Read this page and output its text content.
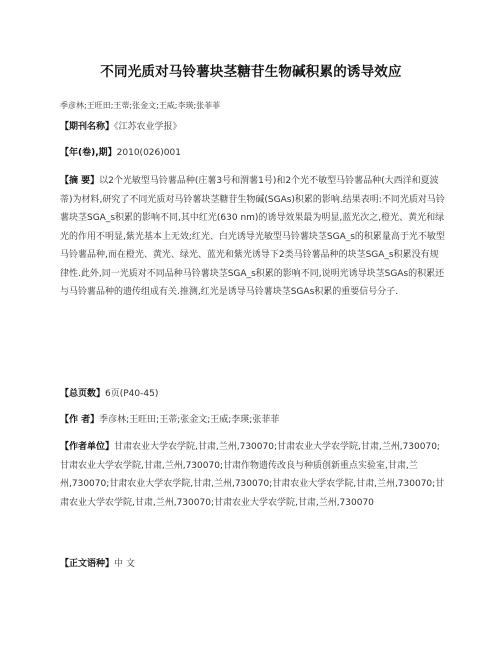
不同光质对马铃薯块茎糖苷生物碱积累的诱导效应
季彦林;王旺田;王蒂;张金文;王威;李瑛;张菲菲
【期刊名称】《江苏农业学报》
【年(卷),期】2010(026)001
【摘 要】以2个光敏型马铃薯品种(庄薯3号和渭薯1号)和2个光不敏型马铃薯品种(大西洋和夏波蒂)为材料,研究了不同光质对马铃薯块茎糖苷生物碱(SGAs)积累的影响.结果表明:不同光质对马铃薯块茎SGA_s积累的影响不同,其中红光(630 nm)的诱导效果最为明显,蓝光次之,橙光、黄光和绿光的作用不明显,紫光基本上无效;红光、白光诱导光敏型马铃薯块茎SGA_s的积累量高于光不敏型马铃薯品种,而在橙光、黄光、绿光、蓝光和紫光诱导下2类马铃薯品种的块茎SGA_s积累没有规律性.此外,同一光质对不同品种马铃薯块茎SGA_s积累的影响不同,说明光诱导块茎SGAs的积累还与马铃薯品种的遗传组成有关.推测,红光是诱导马铃薯块茎SGAs积累的重要信号分子.
【总页数】6页(P40-45)
【作 者】季彦林;王旺田;王蒂;张金文;王威;李瑛;张菲菲
【作者单位】甘肃农业大学农学院,甘肃,兰州,730070;甘肃农业大学农学院,甘肃,兰州,730070;甘肃农业大学农学院,甘肃,兰州,730070;甘肃作物遗传改良与种质创新重点实验室,甘肃,兰州,730070;甘肃农业大学农学院,甘肃,兰州,730070;甘肃农业大学农学院,甘肃,兰州,730070;甘肃农业大学农学院,甘肃,兰州,730070;甘肃农业大学农学院,甘肃,兰州,730070
【正文语种】中 文
